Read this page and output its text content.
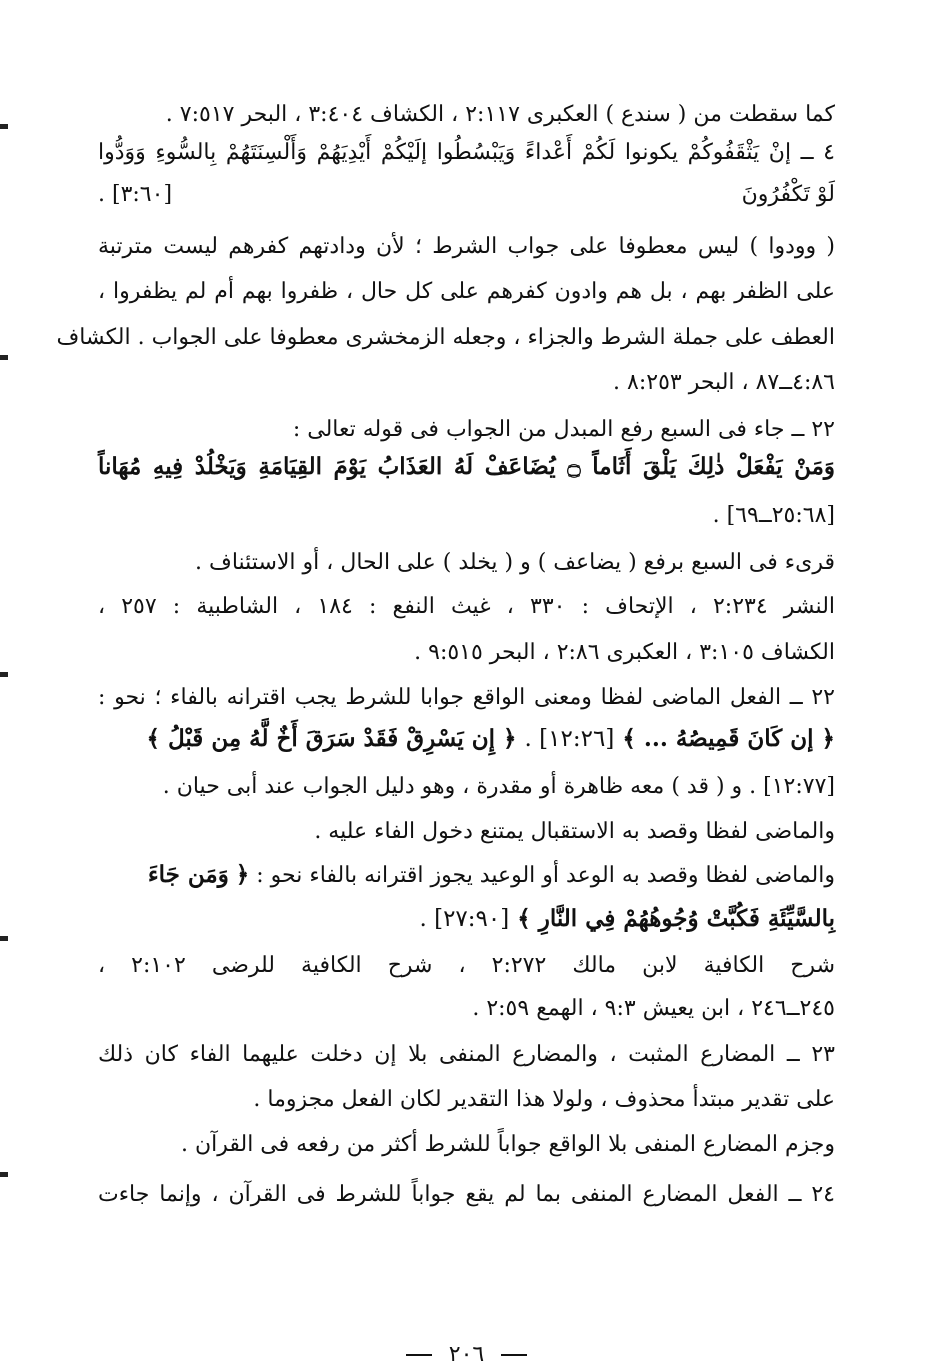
كما سقطت من ( سندع ) العكبرى ٢:١١٧ ، الكشاف ٣:٤٠٤ ، البحر ٧:٥١٧ .
٤ ــ إنْ يَثْقَفُوكُمْ يكونوا لَكُمْ أَعْداءً وَيَبْسُطُوا إلَيْكُمْ أَيْدِيَهُمْ وَأَلْسِنَتَهُمْ بِالسُّوءِ وَوَدُّوا
لَوْ تَكْفُرُونَ
[٣:٦٠] .
( وودوا ) ليس معطوفا على جواب الشرط ؛ لأن ودادتهم كفرهم ليست مترتبة
على الظفر بهم ، بل هم وادون كفرهم على كل حال ، ظفروا بهم أم لم يظفروا ،
العطف على جملة الشرط والجزاء ، وجعله الزمخشرى معطوفا على الجواب . الكشاف
٤:٨٦ــ٨٧ ، البحر ٨:٢٥٣ .
٢٢ ــ جاء فى السبع رفع المبدل من الجواب فى قوله تعالى :
وَمَنْ يَفْعَلْ ذٰلِكَ يَلْقَ أَثَاماً ۝ يُضَاعَفْ لَهُ العَذَابُ يَوْمَ القِيَامَةِ وَيَخْلُدْ فِيهِ مُهَاناً
[٢٥:٦٨ــ٦٩] .
قرىء فى السبع برفع ( يضاعف ) و ( يخلد ) على الحال ، أو الاستئناف .
النشر ٢:٢٣٤ ، الإتحاف : ٣٣٠ ، غيث النفع : ١٨٤ ، الشاطبية : ٢٥٧ ،
الكشاف ٣:١٠٥ ، العكبرى ٢:٨٦ ، البحر ٩:٥١٥ .
٢٢ ــ الفعل الماضى لفظا ومعنى الواقع جوابا للشرط يجب اقترانه بالفاء ؛ نحو :
﴿ إن كَانَ قَمِيصُهُ ... ﴾ [١٢:٢٦] . ﴿ إِن يَسْرِقْ فَقَدْ سَرَقَ أَخٌ لَّهُ مِن قَبْلُ ﴾
[١٢:٧٧] . و ( قد ) معه ظاهرة أو مقدرة ، وهو دليل الجواب عند أبى حيان .
والماضى لفظا وقصد به الاستقبال يمتنع دخول الفاء عليه .
والماضى لفظا وقصد به الوعد أو الوعيد يجوز اقترانه بالفاء نحو : ﴿ وَمَن جَاءَ
بِالسَّيِّئَةِ فَكُبَّتْ وُجُوهُهُمْ فِي النَّارِ ﴾ [٢٧:٩٠] .
شرح الكافية لابن مالك ٢:٢٧٢ ، شرح الكافية للرضى ٢:١٠٢ ،
٢٤٥ــ٢٤٦ ، ابن يعيش ٩:٣ ، الهمع ٢:٥٩ .
٢٣ ــ المضارع المثبت ، والمضارع المنفى بلا إن دخلت عليهما الفاء كان ذلك
على تقدير مبتدأ محذوف ، ولولا هذا التقدير لكان الفعل مجزوما .
وجزم المضارع المنفى بلا الواقع جواباً للشرط أكثر من رفعه فى القرآن .
٢٤ ــ الفعل المضارع المنفى بما لم يقع جواباً للشرط فى القرآن ، وإنما جاءت
٢٠٦
